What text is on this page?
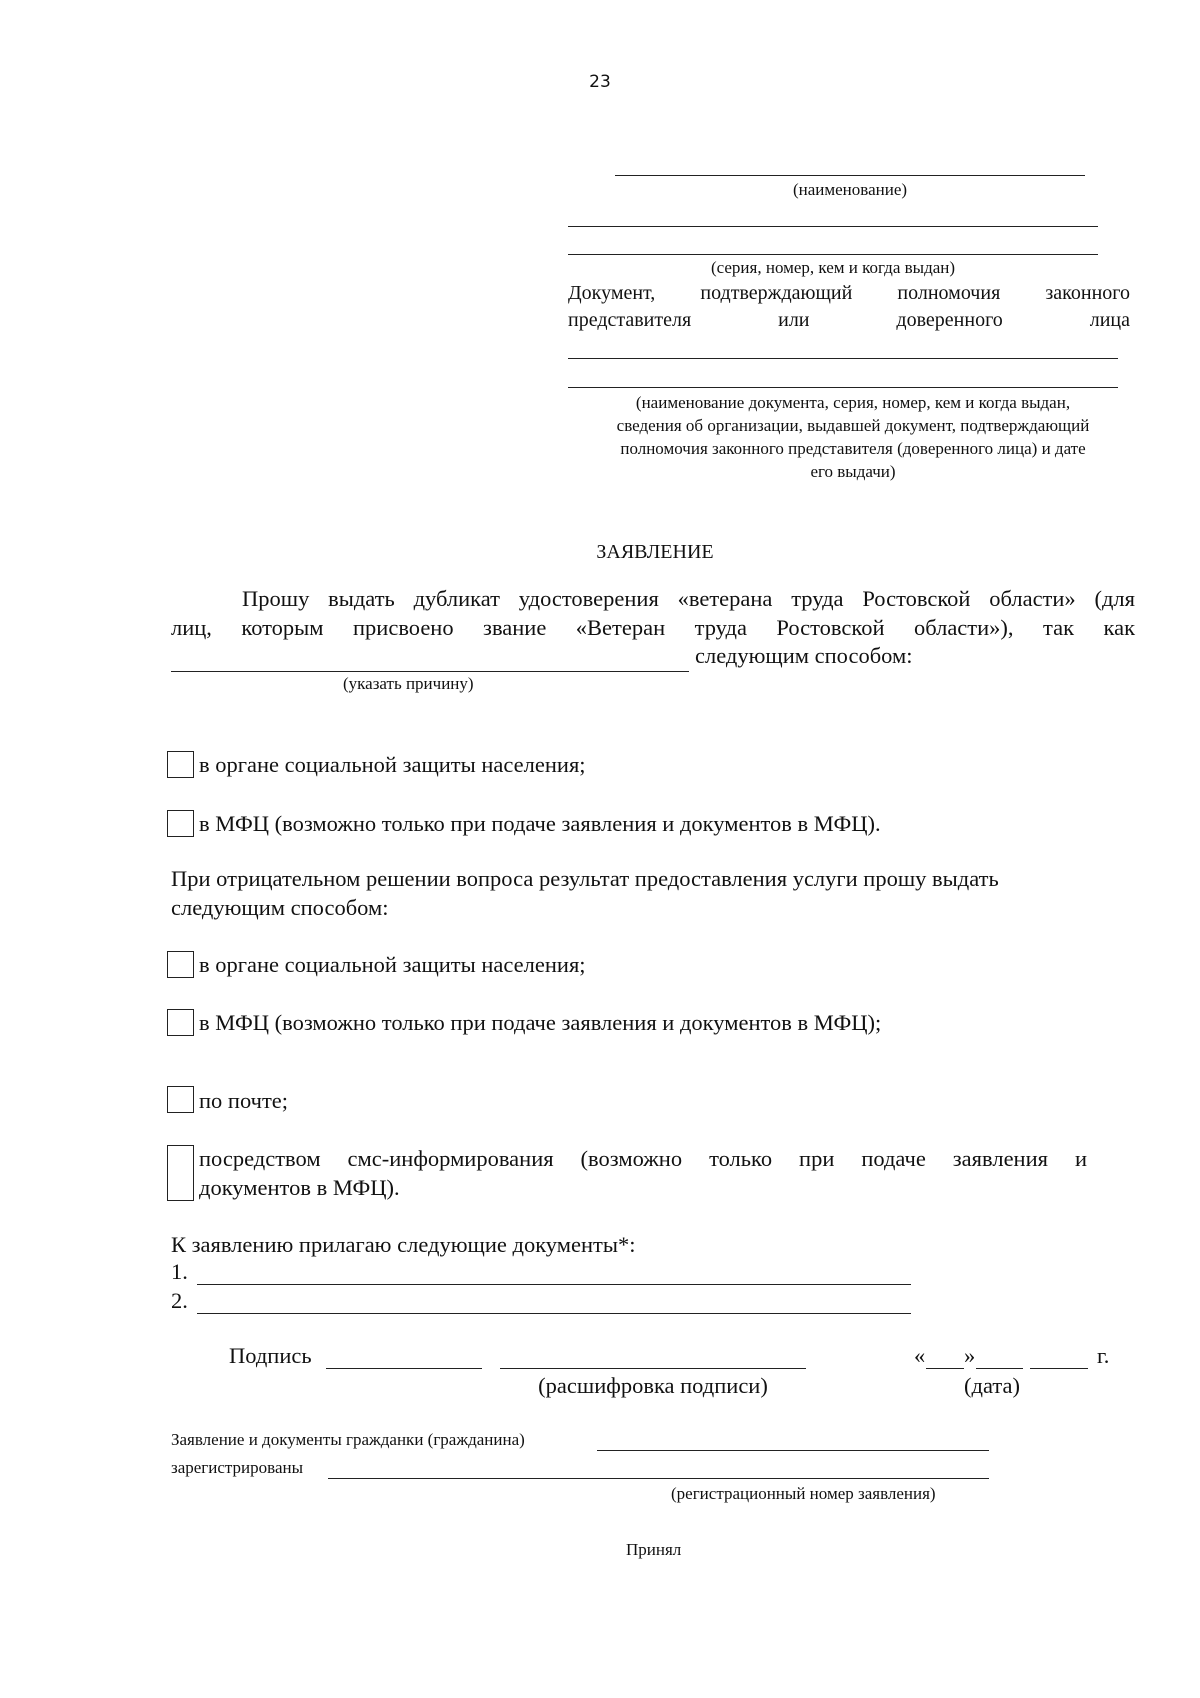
23
(наименование)
(серия, номер, кем и когда выдан)
Документ, подтверждающий полномочия законного
представителя	или	доверенного	лица
(наименование документа, серия, номер, кем и когда выдан,
сведения об организации, выдавшей документ, подтверждающий
полномочия законного представителя (доверенного лица) и дате
его выдачи)
ЗАЯВЛЕНИЕ
Прошу выдать дубликат удостоверения «ветерана труда Ростовской области» (для
лиц, которым присвоено звание «Ветеран труда Ростовской области»), так как
следующим способом:
(указать причину)
в органе социальной защиты населения;
в МФЦ (возможно только при подаче заявления и документов в МФЦ).
При отрицательном решении вопроса результат предоставления услуги прошу выдать
следующим способом:
в органе социальной защиты населения;
в МФЦ (возможно только при подаче заявления и документов в МФЦ);
по почте;
посредством смс-информирования (возможно только при подаче заявления и
документов в МФЦ).
К заявлению прилагаю следующие документы*:
1.
2.
Подпись
(расшифровка подписи)
« »	г.
(дата)
Заявление и документы гражданки (гражданина)
зарегистрированы
(регистрационный номер заявления)
Принял
